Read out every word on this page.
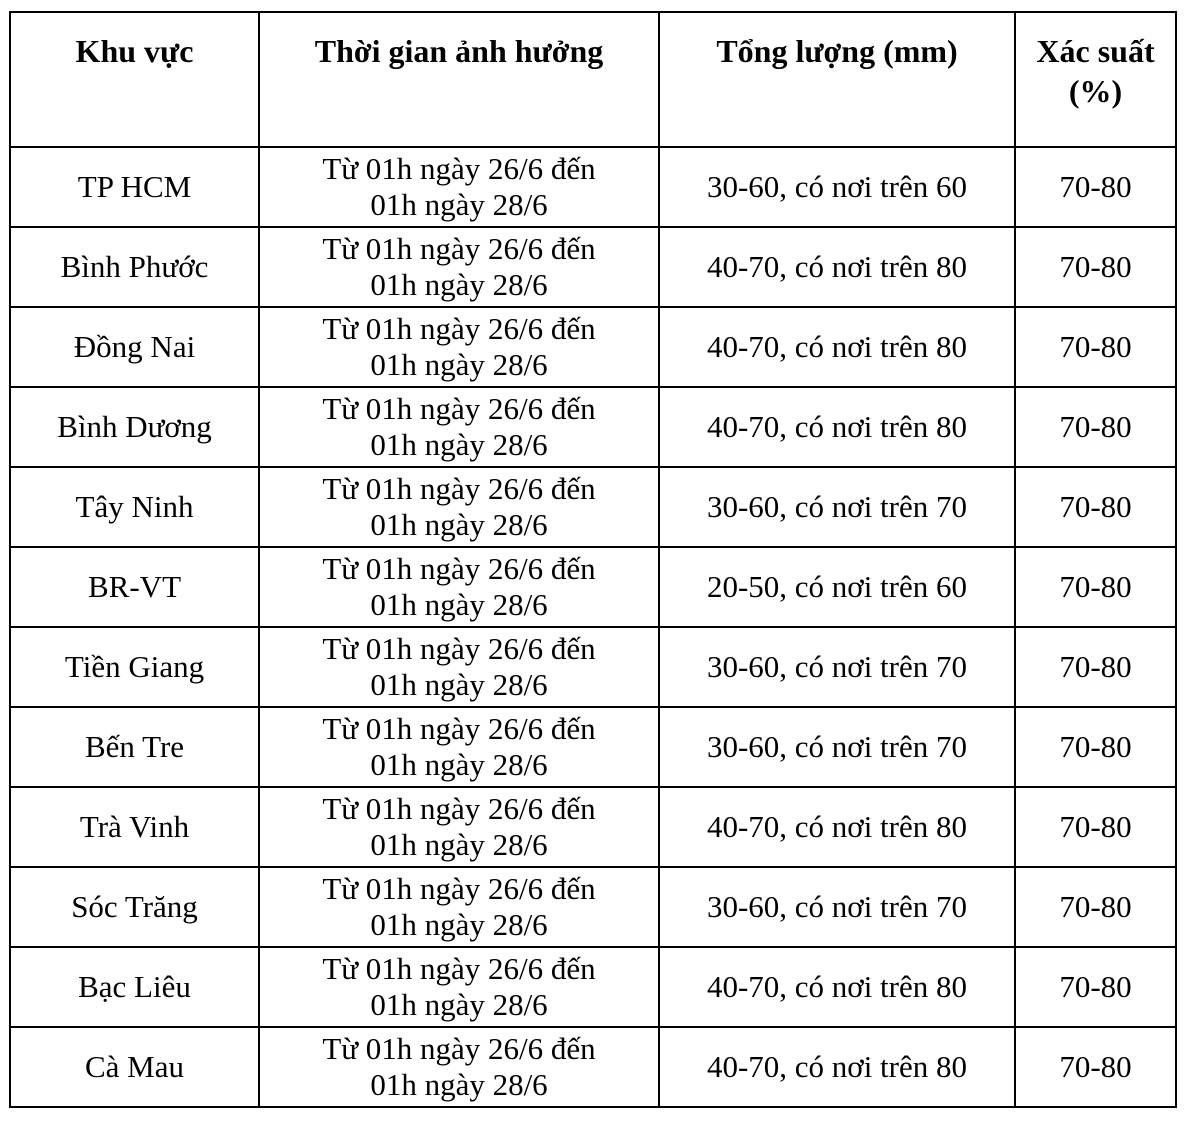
Khu vực	Thời gian ảnh hưởng	Tổng lượng (mm)	Xác suất
(%)

TP HCM	Từ 01h ngày 26/6 đến
01h ngày 28/6	30-60, có nơi trên 60	70-80
Bình Phước	Từ 01h ngày 26/6 đến
01h ngày 28/6	40-70, có nơi trên 80	70-80
Đồng Nai	Từ 01h ngày 26/6 đến
01h ngày 28/6	40-70, có nơi trên 80	70-80
Bình Dương	Từ 01h ngày 26/6 đến
01h ngày 28/6	40-70, có nơi trên 80	70-80
Tây Ninh	Từ 01h ngày 26/6 đến
01h ngày 28/6	30-60, có nơi trên 70	70-80
BR-VT	Từ 01h ngày 26/6 đến
01h ngày 28/6	20-50, có nơi trên 60	70-80
Tiền Giang	Từ 01h ngày 26/6 đến
01h ngày 28/6	30-60, có nơi trên 70	70-80
Bến Tre	Từ 01h ngày 26/6 đến
01h ngày 28/6	30-60, có nơi trên 70	70-80
Trà Vinh	Từ 01h ngày 26/6 đến
01h ngày 28/6	40-70, có nơi trên 80	70-80
Sóc Trăng	Từ 01h ngày 26/6 đến
01h ngày 28/6	30-60, có nơi trên 70	70-80
Bạc Liêu	Từ 01h ngày 26/6 đến
01h ngày 28/6	40-70, có nơi trên 80	70-80
Cà Mau	Từ 01h ngày 26/6 đến
01h ngày 28/6	40-70, có nơi trên 80	70-80
